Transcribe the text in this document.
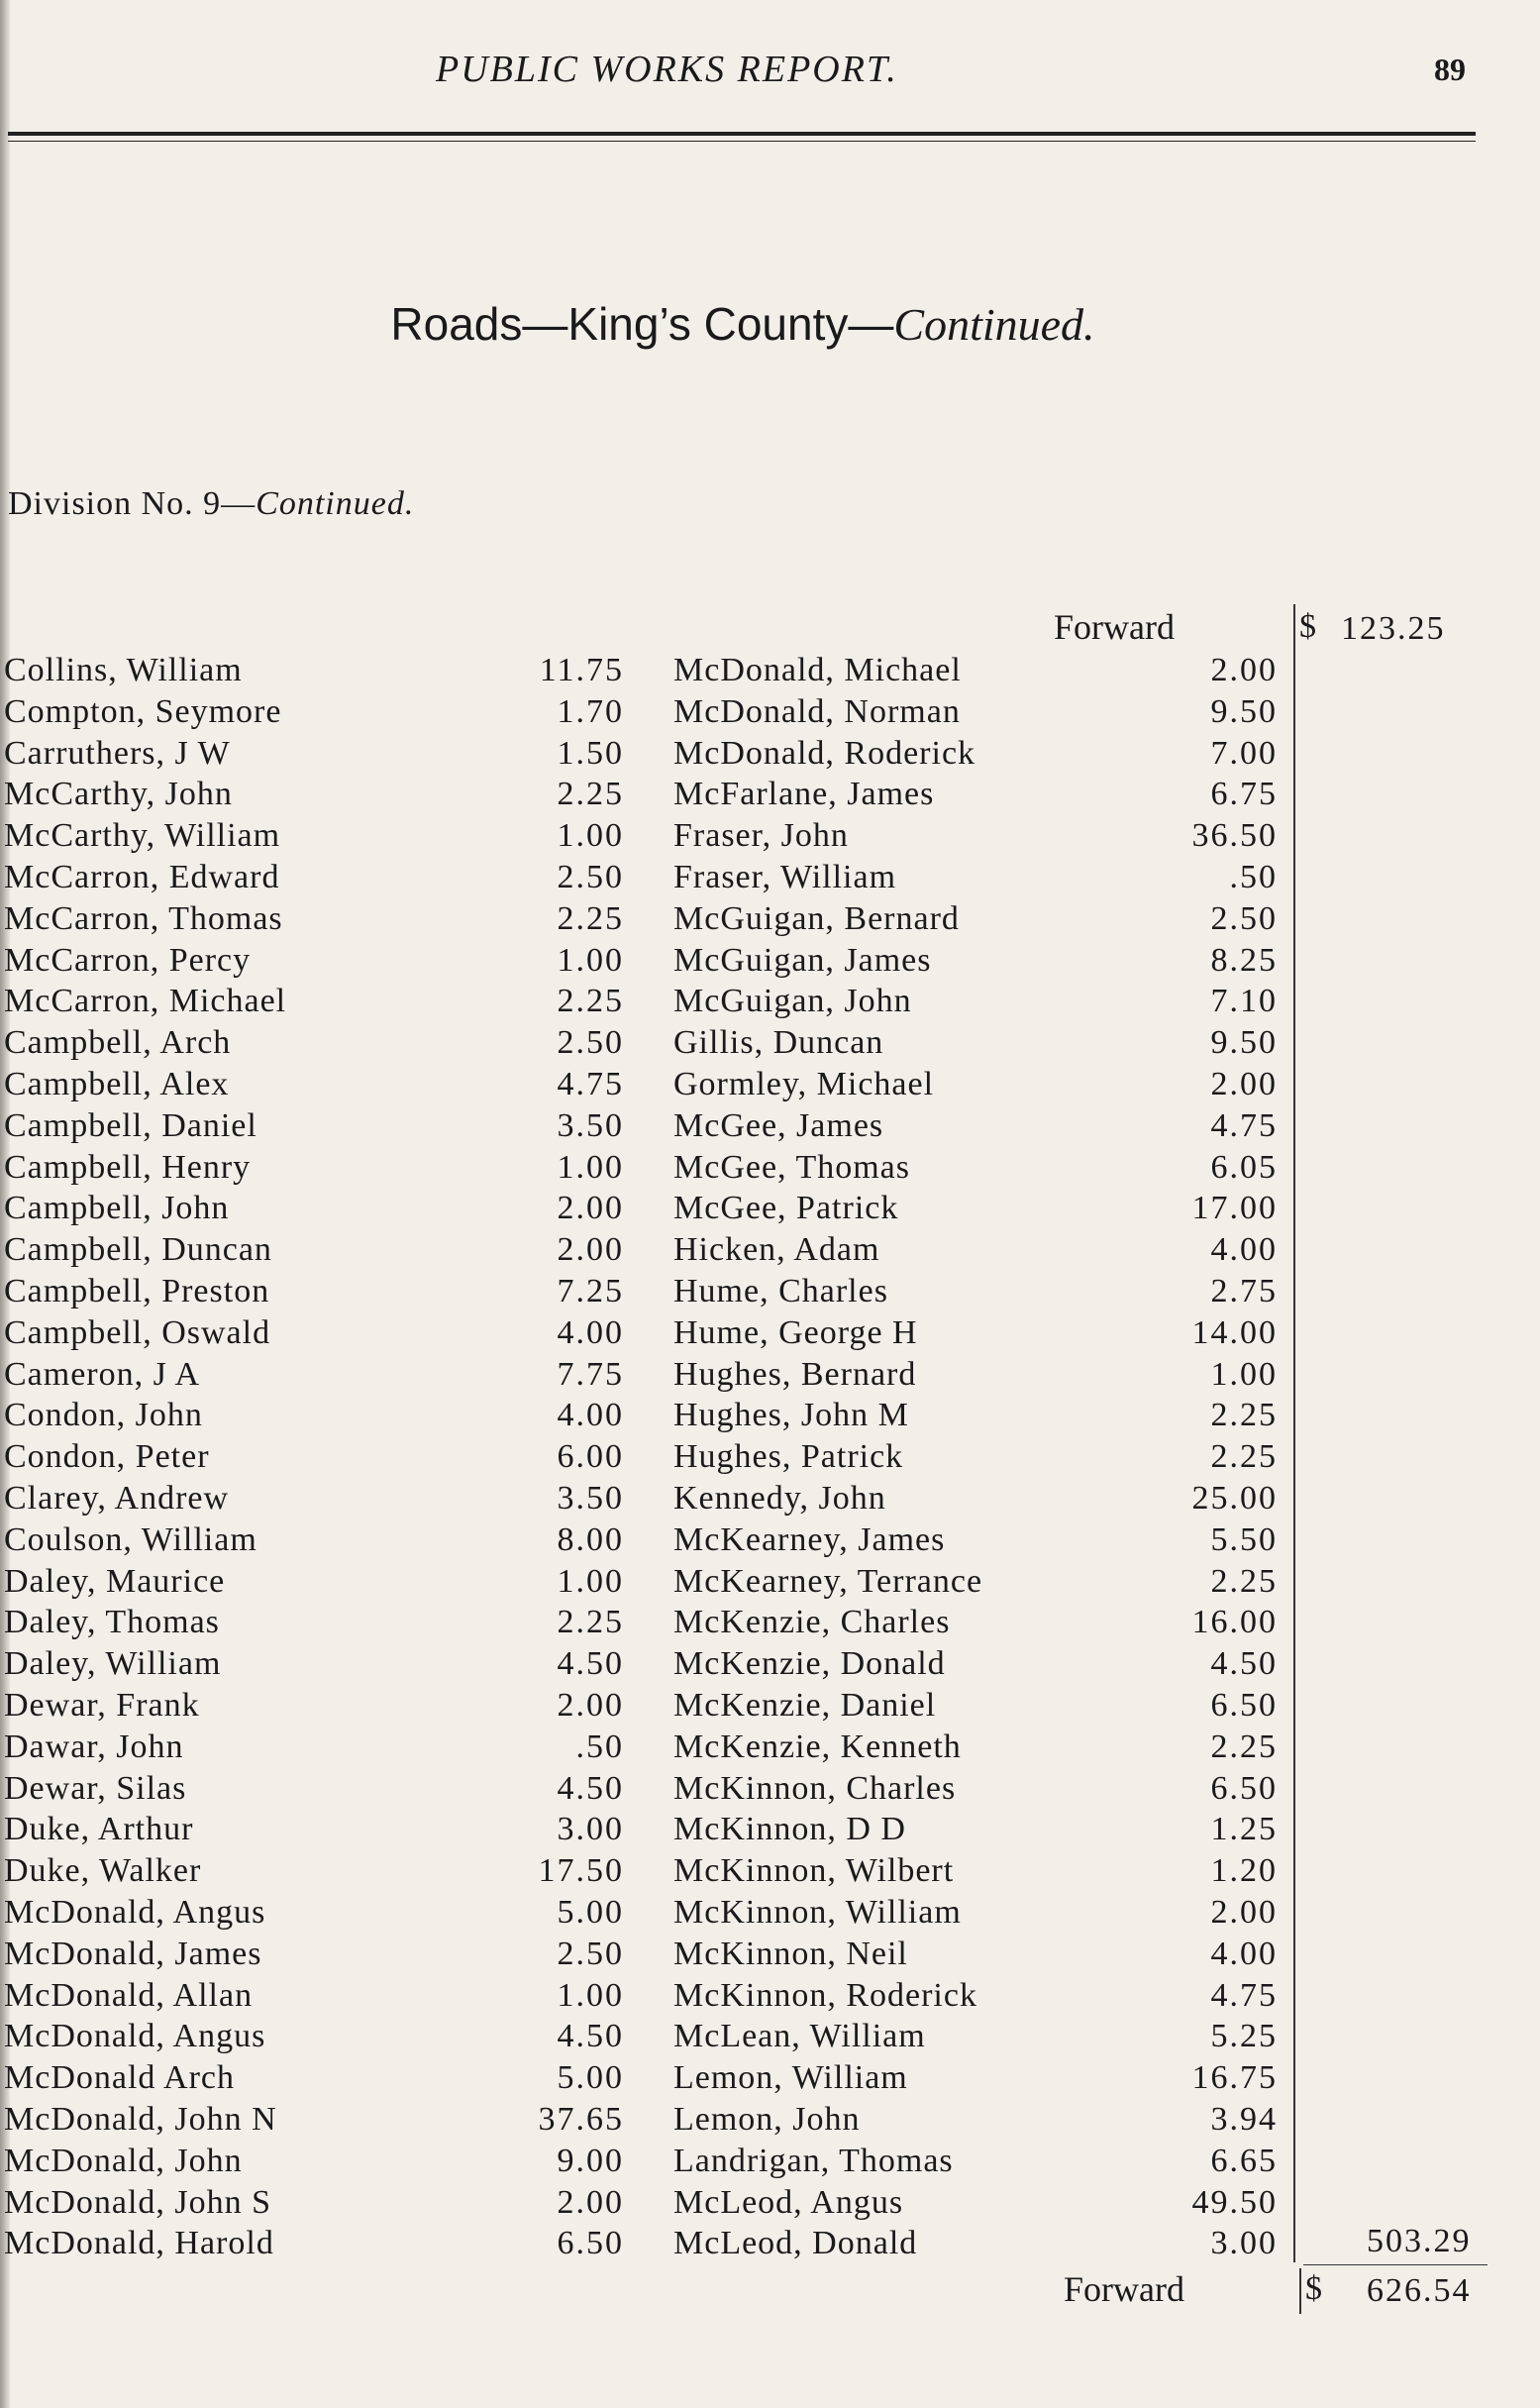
PUBLIC WORKS REPORT.	89
Roads—King’s County—Continued.
Division No. 9—Continued.
Forward	$ 123.25
Collins, William	11.75
Compton, Seymore	1.70
Carruthers, J W	1.50
McCarthy, John	2.25
McCarthy, William	1.00
McCarron, Edward	2.50
McCarron, Thomas	2.25
McCarron, Percy	1.00
McCarron, Michael	2.25
Campbell, Arch	2.50
Campbell, Alex	4.75
Campbell, Daniel	3.50
Campbell, Henry	1.00
Campbell, John	2.00
Campbell, Duncan	2.00
Campbell, Preston	7.25
Campbell, Oswald	4.00
Cameron, J A	7.75
Condon, John	4.00
Condon, Peter	6.00
Clarey, Andrew	3.50
Coulson, William	8.00
Daley, Maurice	1.00
Daley, Thomas	2.25
Daley, William	4.50
Dewar, Frank	2.00
Dawar, John	.50
Dewar, Silas	4.50
Duke, Arthur	3.00
Duke, Walker	17.50
McDonald, Angus	5.00
McDonald, James	2.50
McDonald, Allan	1.00
McDonald, Angus	4.50
McDonald Arch	5.00
McDonald, John N	37.65
McDonald, John	9.00
McDonald, John S	2.00
McDonald, Harold	6.50
McDonald, Michael	2.00
McDonald, Norman	9.50
McDonald, Roderick	7.00
McFarlane, James	6.75
Fraser, John	36.50
Fraser, William	.50
McGuigan, Bernard	2.50
McGuigan, James	8.25
McGuigan, John	7.10
Gillis, Duncan	9.50
Gormley, Michael	2.00
McGee, James	4.75
McGee, Thomas	6.05
McGee, Patrick	17.00
Hicken, Adam	4.00
Hume, Charles	2.75
Hume, George H	14.00
Hughes, Bernard	1.00
Hughes, John M	2.25
Hughes, Patrick	2.25
Kennedy, John	25.00
McKearney, James	5.50
McKearney, Terrance	2.25
McKenzie, Charles	16.00
McKenzie, Donald	4.50
McKenzie, Daniel	6.50
McKenzie, Kenneth	2.25
McKinnon, Charles	6.50
McKinnon, D D	1.25
McKinnon, Wilbert	1.20
McKinnon, William	2.00
McKinnon, Neil	4.00
McKinnon, Roderick	4.75
McLean, William	5.25
Lemon, William	16.75
Lemon, John	3.94
Landrigan, Thomas	6.65
McLeod, Angus	49.50
McLeod, Donald	3.00	503.29
Forward	$ 626.54
